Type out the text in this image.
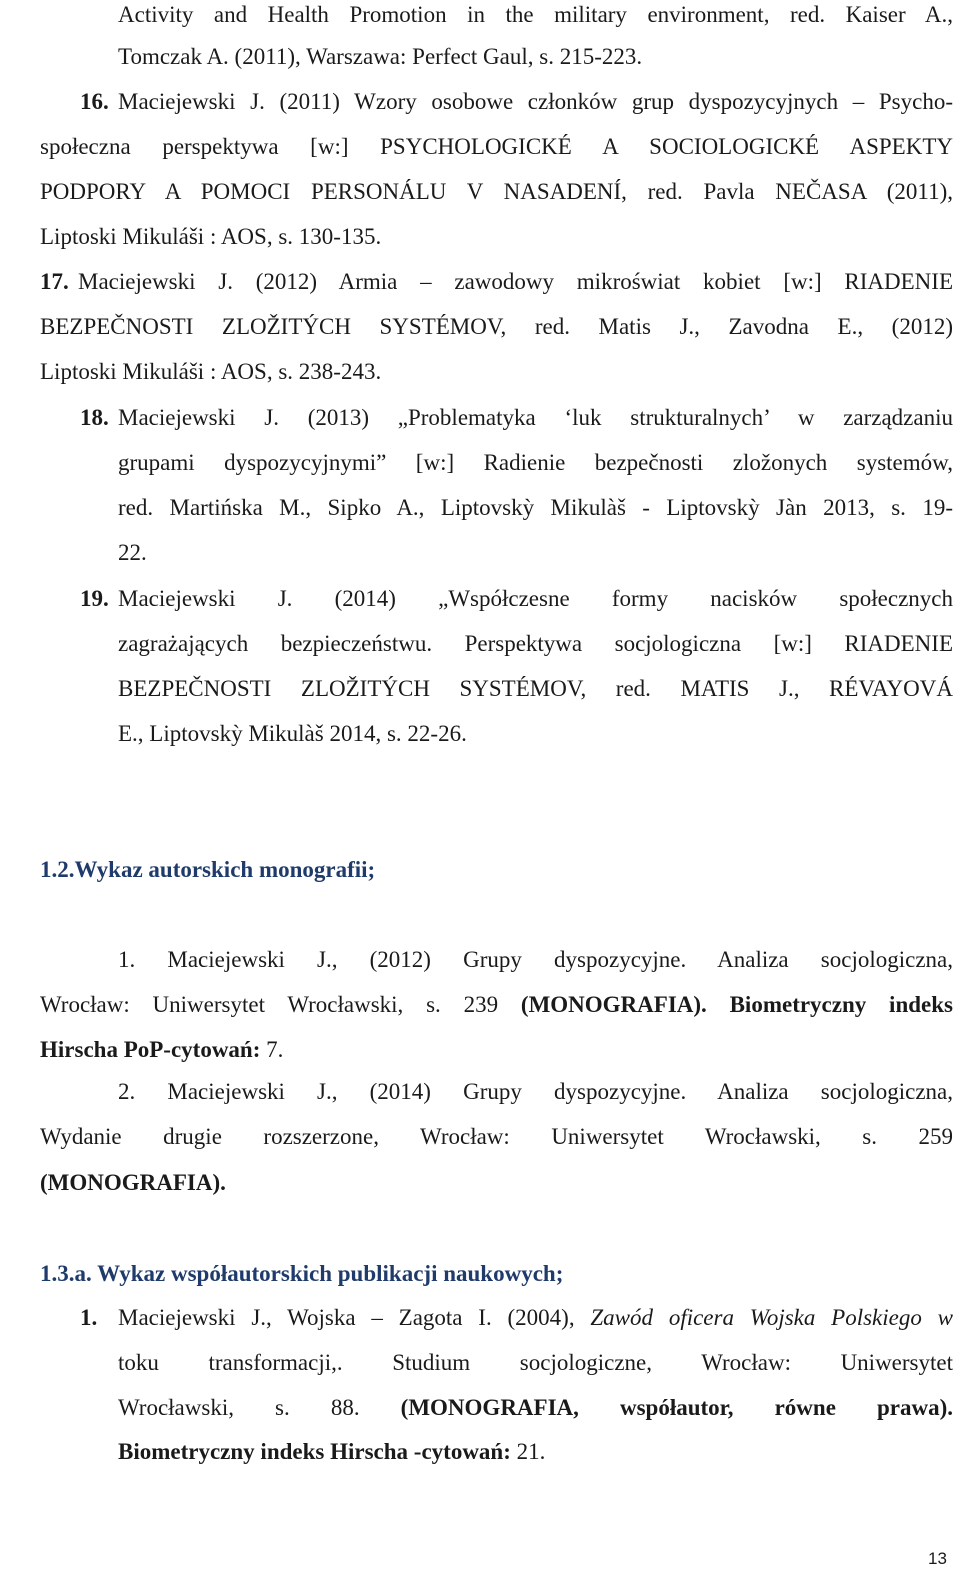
Activity and Health Promotion in the military environment, red. Kaiser A.,
Tomczak A. (2011), Warszawa: Perfect Gaul, s. 215-223.
16. Maciejewski J. (2011) Wzory osobowe członków grup dyspozycyjnych – Psycho-
społeczna perspektywa [w:] PSYCHOLOGICKÉ A SOCIOLOGICKÉ ASPEKTY
PODPORY A POMOCI PERSONÁLU V NASADENÍ, red. Pavla NEČASA (2011),
Liptoski Mikuláši : AOS, s. 130-135.
17. Maciejewski J. (2012) Armia – zawodowy mikroświat kobiet [w:] RIADENIE
BEZPEČNOSTI ZLOŽITÝCH SYSTÉMOV, red. Matis J., Zavodna E., (2012)
Liptoski Mikuláši : AOS, s. 238-243.
18. Maciejewski J. (2013) „Problematyka ‘luk strukturalnych’ w zarządzaniu
grupami dyspozycyjnymi” [w:] Radienie bezpečnosti zložonych systemów,
red. Martińska M., Sipko A., Liptovskỳ Mikulàš - Liptovskỳ Jàn 2013, s. 19-
22.
19. Maciejewski J. (2014) „Współczesne formy nacisków społecznych
zagrażających bezpieczeństwu. Perspektywa socjologiczna [w:] RIADENIE
BEZPEČNOSTI ZLOŽITÝCH SYSTÉMOV, red. MATIS J., RÉVAYOVÁ
E., Liptovskỳ Mikulàš 2014, s. 22-26.
1.2.Wykaz autorskich monografii;
1. Maciejewski J., (2012) Grupy dyspozycyjne. Analiza socjologiczna,
Wrocław: Uniwersytet Wrocławski, s. 239 (MONOGRAFIA). Biometryczny indeks
Hirscha PoP-cytowań: 7.
2. Maciejewski J., (2014) Grupy dyspozycyjne. Analiza socjologiczna,
Wydanie drugie rozszerzone, Wrocław: Uniwersytet Wrocławski, s. 259
(MONOGRAFIA).
1.3.a. Wykaz współautorskich publikacji naukowych;
1. Maciejewski J., Wojska – Zagota I. (2004), Zawód oficera Wojska Polskiego w
toku transformacji,. Studium socjologiczne, Wrocław: Uniwersytet
Wrocławski, s. 88. (MONOGRAFIA, współautor, równe prawa).
Biometryczny indeks Hirscha -cytowań: 21.
13
